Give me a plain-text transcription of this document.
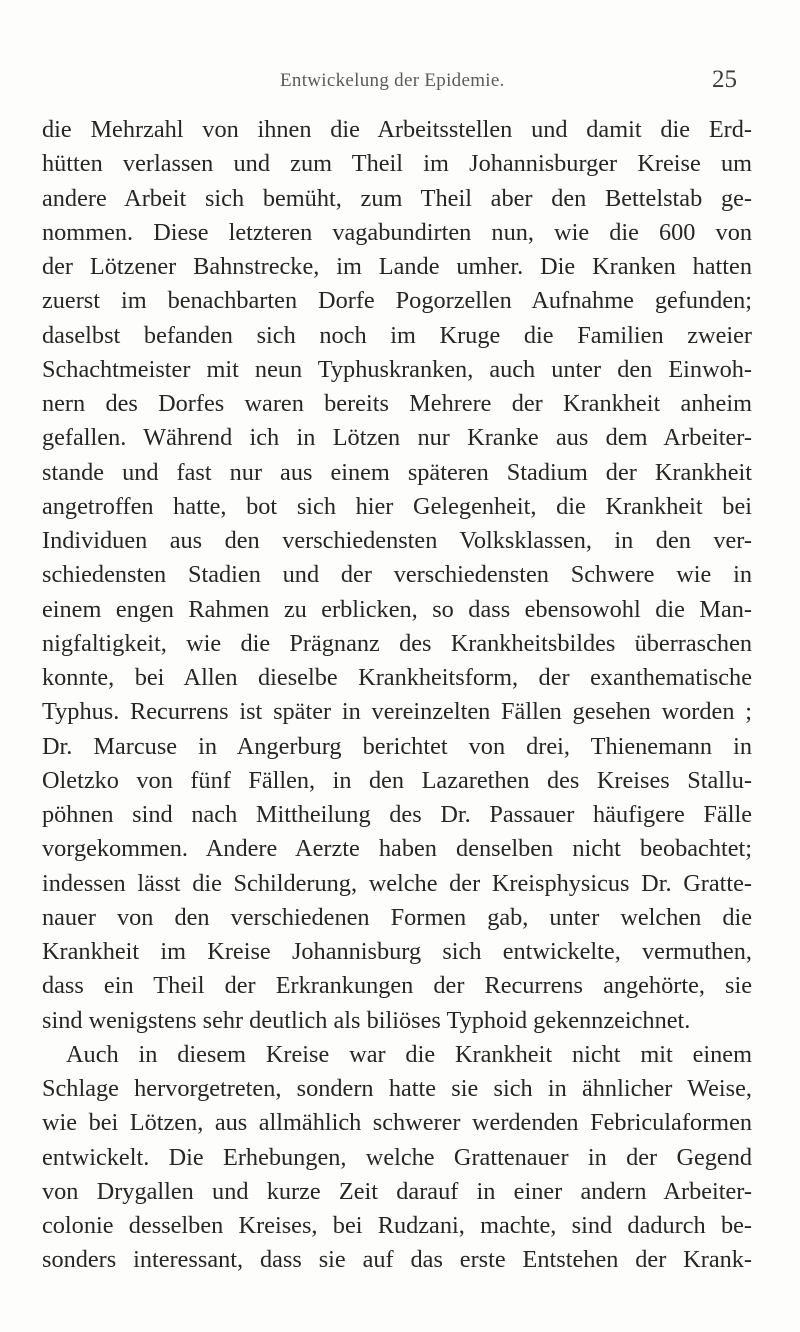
Entwickelung der Epidemie.	25
die Mehrzahl von ihnen die Arbeitsstellen und damit die Erd-
hütten verlassen und zum Theil im Johannisburger Kreise um
andere Arbeit sich bemüht, zum Theil aber den Bettelstab ge-
nommen. Diese letzteren vagabundirten nun, wie die 600 von
der Lötzener Bahnstrecke, im Lande umher. Die Kranken hatten
zuerst im benachbarten Dorfe Pogorzellen Aufnahme gefunden;
daselbst befanden sich noch im Kruge die Familien zweier
Schachtmeister mit neun Typhuskranken, auch unter den Einwoh-
nern des Dorfes waren bereits Mehrere der Krankheit anheim
gefallen. Während ich in Lötzen nur Kranke aus dem Arbeiter-
stande und fast nur aus einem späteren Stadium der Krankheit
angetroffen hatte, bot sich hier Gelegenheit, die Krankheit bei
Individuen aus den verschiedensten Volksklassen, in den ver-
schiedensten Stadien und der verschiedensten Schwere wie in
einem engen Rahmen zu erblicken, so dass ebensowohl die Man-
nigfaltigkeit, wie die Prägnanz des Krankheitsbildes überraschen
konnte, bei Allen dieselbe Krankheitsform, der exanthematische
Typhus. Recurrens ist später in vereinzelten Fällen gesehen worden ;
Dr. Marcuse in Angerburg berichtet von drei, Thienemann in
Oletzko von fünf Fällen, in den Lazarethen des Kreises Stallu-
pöhnen sind nach Mittheilung des Dr. Passauer häufigere Fälle
vorgekommen. Andere Aerzte haben denselben nicht beobachtet;
indessen lässt die Schilderung, welche der Kreisphysicus Dr. Gratte-
nauer von den verschiedenen Formen gab, unter welchen die
Krankheit im Kreise Johannisburg sich entwickelte, vermuthen,
dass ein Theil der Erkrankungen der Recurrens angehörte, sie
sind wenigstens sehr deutlich als biliöses Typhoid gekennzeichnet.
Auch in diesem Kreise war die Krankheit nicht mit einem
Schlage hervorgetreten, sondern hatte sie sich in ähnlicher Weise,
wie bei Lötzen, aus allmählich schwerer werdenden Febriculaformen
entwickelt. Die Erhebungen, welche Grattenauer in der Gegend
von Drygallen und kurze Zeit darauf in einer andern Arbeiter-
colonie desselben Kreises, bei Rudzani, machte, sind dadurch be-
sonders interessant, dass sie auf das erste Entstehen der Krank-
